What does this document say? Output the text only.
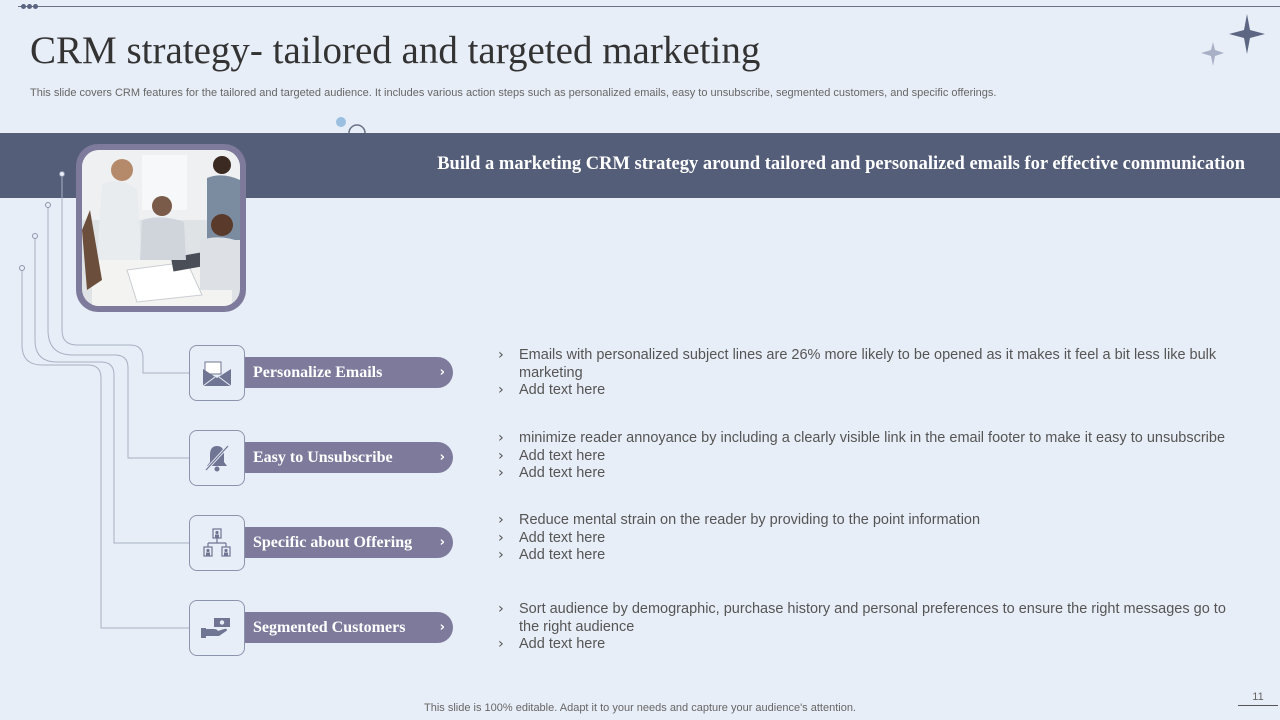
CRM strategy- tailored and targeted marketing
This slide covers CRM features for the tailored and targeted audience. It includes various action steps such as personalized emails, easy to unsubscribe, segmented customers, and specific offerings.
Build a marketing CRM strategy around tailored and personalized emails for effective communication
Personalize Emails	›
› Emails with personalized subject lines are 26% more likely to be opened as it makes it feel a bit less like bulk marketing
› Add text here
Easy to Unsubscribe	›
› minimize reader annoyance by including a clearly visible link in the email footer to make it easy to unsubscribe
› Add text here
› Add text here
Specific about Offering ›
› Reduce mental strain on the reader by providing to the point information
› Add text here
› Add text here
Segmented Customers	›
› Sort audience by demographic, purchase history and personal preferences to ensure the right messages go to the right audience
› Add text here
This slide is 100% editable. Adapt it to your needs and capture your audience's attention.
11
